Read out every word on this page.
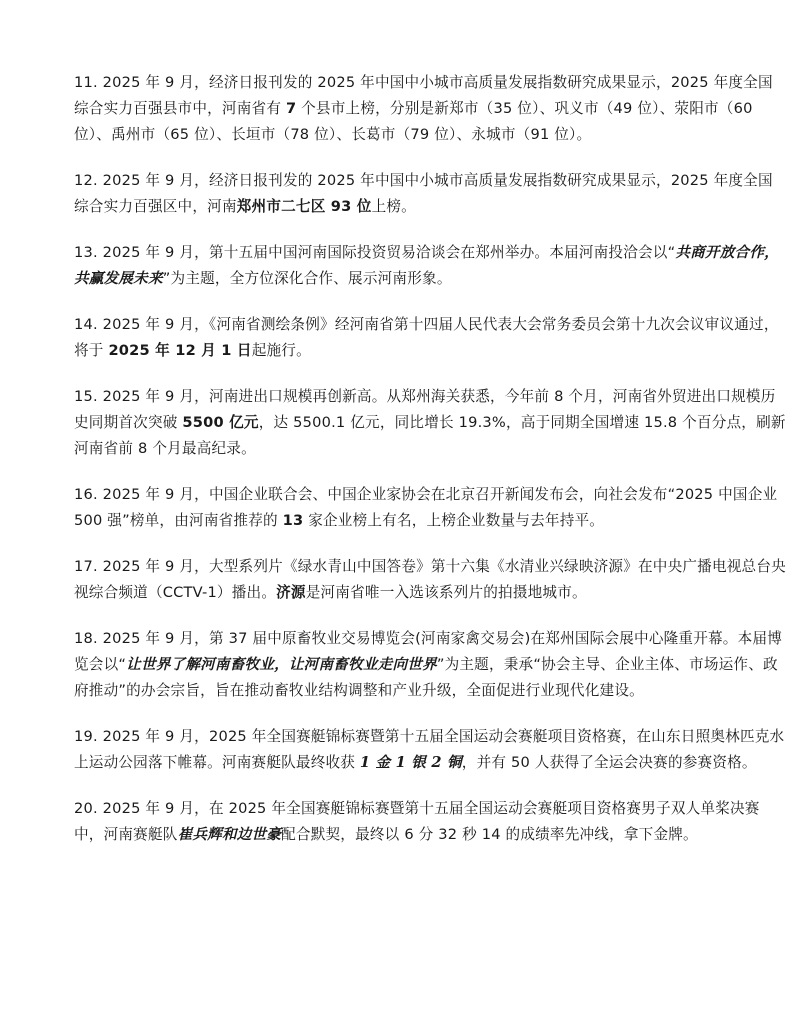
11. 2025 年 9 月，经济日报刊发的 2025 年中国中小城市高质量发展指数研究成果显示，2025 年度全国综合实力百强县市中，河南省有 7 个县市上榜，分别是新郑市（35 位）、巩义市（49 位）、荥阳市（60 位）、禹州市（65 位）、长垣市（78 位）、长葛市（79 位）、永城市（91 位）。

12. 2025 年 9 月，经济日报刊发的 2025 年中国中小城市高质量发展指数研究成果显示，2025 年度全国综合实力百强区中，河南郑州市二七区 93 位上榜。

13. 2025 年 9 月，第十五届中国河南国际投资贸易洽谈会在郑州举办。本届河南投洽会以“共商开放合作，共赢发展未来”为主题，全方位深化合作、展示河南形象。

14. 2025 年 9 月，《河南省测绘条例》经河南省第十四届人民代表大会常务委员会第十九次会议审议通过，将于 2025 年 12 月 1 日起施行。

15. 2025 年 9 月，河南进出口规模再创新高。从郑州海关获悉，今年前 8 个月，河南省外贸进出口规模历史同期首次突破 5500 亿元，达 5500.1 亿元，同比增长 19.3%，高于同期全国增速 15.8 个百分点，刷新河南省前 8 个月最高纪录。

16. 2025 年 9 月，中国企业联合会、中国企业家协会在北京召开新闻发布会，向社会发布“2025 中国企业 500 强”榜单，由河南省推荐的 13 家企业榜上有名，上榜企业数量与去年持平。

17. 2025 年 9 月，大型系列片《绿水青山中国答卷》第十六集《水清业兴绿映济源》在中央广播电视总台央视综合频道（CCTV-1）播出。济源是河南省唯一入选该系列片的拍摄地城市。

18. 2025 年 9 月，第 37 届中原畜牧业交易博览会(河南家禽交易会)在郑州国际会展中心隆重开幕。本届博览会以“让世界了解河南畜牧业，让河南畜牧业走向世界”为主题，秉承“协会主导、企业主体、市场运作、政府推动”的办会宗旨，旨在推动畜牧业结构调整和产业升级，全面促进行业现代化建设。

19. 2025 年 9 月，2025 年全国赛艇锦标赛暨第十五届全国运动会赛艇项目资格赛，在山东日照奥林匹克水上运动公园落下帷幕。河南赛艇队最终收获 1 金 1 银 2 铜，并有 50 人获得了全运会决赛的参赛资格。

20. 2025 年 9 月，在 2025 年全国赛艇锦标赛暨第十五届全国运动会赛艇项目资格赛男子双人单桨决赛中，河南赛艇队崔兵辉和边世豪配合默契，最终以 6 分 32 秒 14 的成绩率先冲线，拿下金牌。
